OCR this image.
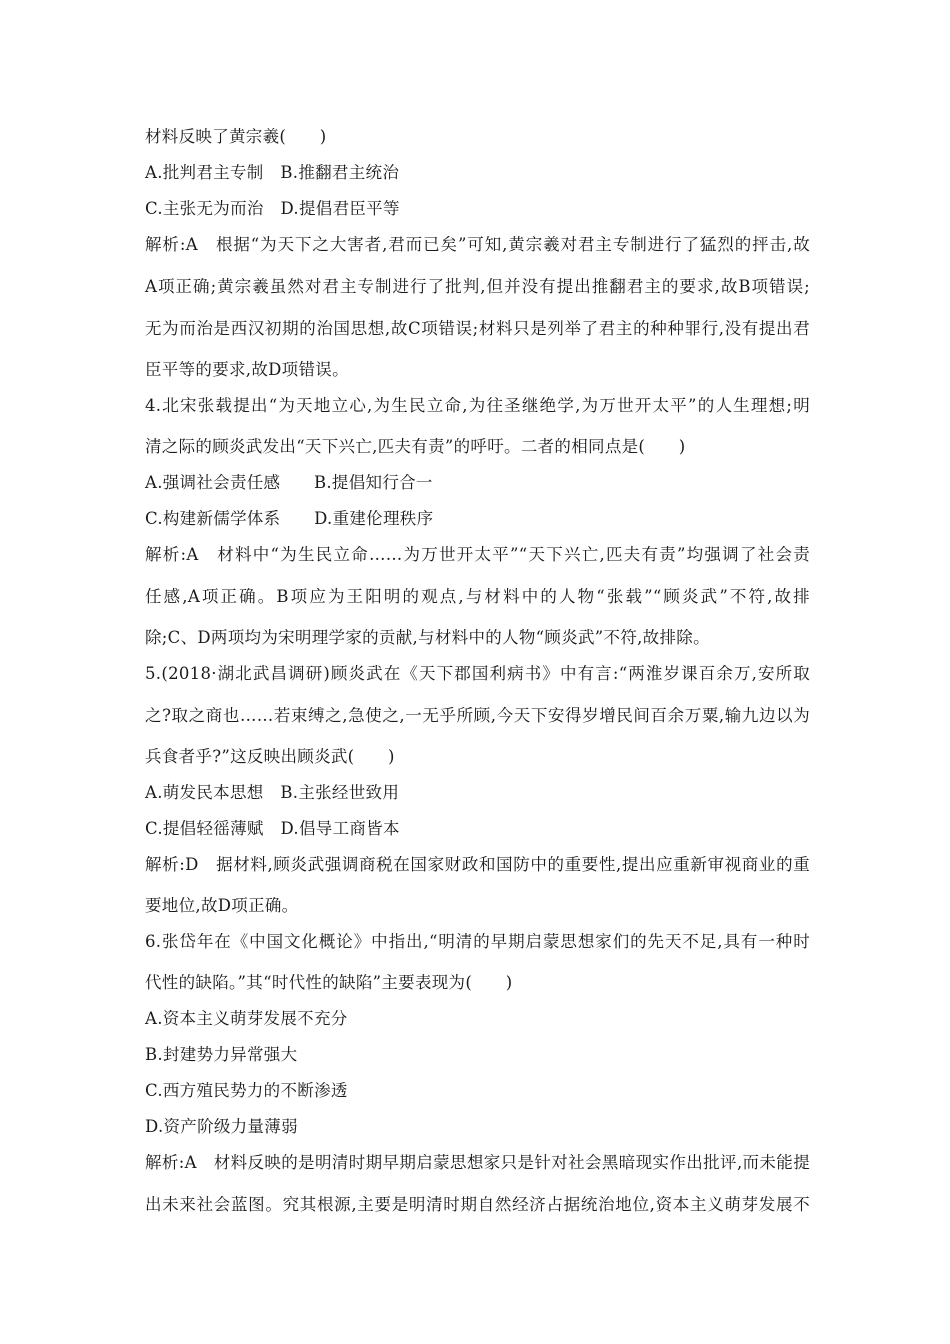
材料反映了黄宗羲(　　)
A.批判君主专制　B.推翻君主统治
C.主张无为而治　D.提倡君臣平等
解析:A　根据“为天下之大害者,君而已矣”可知,黄宗羲对君主专制进行了猛烈的抨击,故
A项正确;黄宗羲虽然对君主专制进行了批判,但并没有提出推翻君主的要求,故B项错误;
无为而治是西汉初期的治国思想,故C项错误;材料只是列举了君主的种种罪行,没有提出君
臣平等的要求,故D项错误。
4.北宋张载提出“为天地立心,为生民立命,为往圣继绝学,为万世开太平”的人生理想;明
清之际的顾炎武发出“天下兴亡,匹夫有责”的呼吁。二者的相同点是(　　)
A.强调社会责任感　　B.提倡知行合一
C.构建新儒学体系　　D.重建伦理秩序
解析:A　材料中“为生民立命……为万世开太平”“天下兴亡,匹夫有责”均强调了社会责
任感,A项正确。B项应为王阳明的观点,与材料中的人物“张载”“顾炎武”不符,故排
除;C、D两项均为宋明理学家的贡献,与材料中的人物“顾炎武”不符,故排除。
5.(2018·湖北武昌调研)顾炎武在《天下郡国利病书》中有言:“两淮岁课百余万,安所取
之?取之商也……若束缚之,急使之,一无乎所顾,今天下安得岁增民间百余万粟,输九边以为
兵食者乎?”这反映出顾炎武(　　)
A.萌发民本思想　B.主张经世致用
C.提倡轻徭薄赋　D.倡导工商皆本
解析:D　据材料,顾炎武强调商税在国家财政和国防中的重要性,提出应重新审视商业的重
要地位,故D项正确。
6.张岱年在《中国文化概论》中指出,“明清的早期启蒙思想家们的先天不足,具有一种时
代性的缺陷。”其“时代性的缺陷”主要表现为(　　)
A.资本主义萌芽发展不充分
B.封建势力异常强大
C.西方殖民势力的不断渗透
D.资产阶级力量薄弱
解析:A　材料反映的是明清时期早期启蒙思想家只是针对社会黑暗现实作出批评,而未能提
出未来社会蓝图。究其根源,主要是明清时期自然经济占据统治地位,资本主义萌芽发展不
